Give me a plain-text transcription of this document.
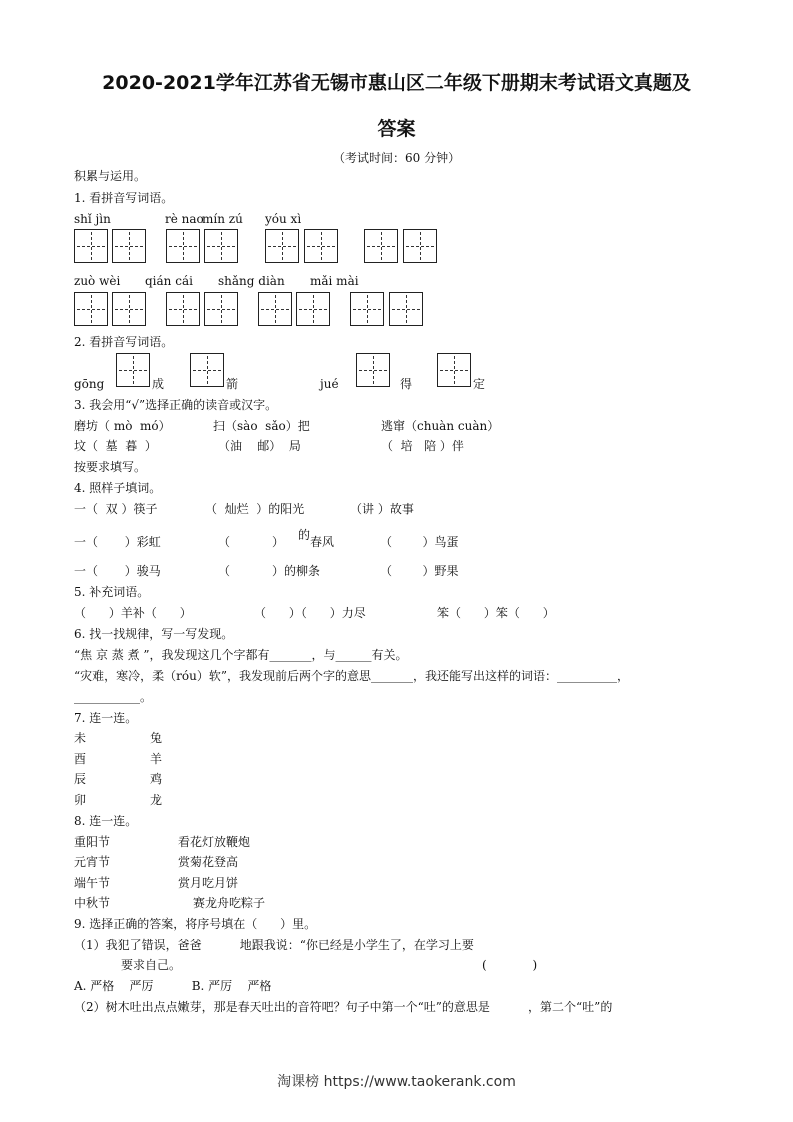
2020-2021学年江苏省无锡市惠山区二年级下册期末考试语文真题及
答案
（考试时间：60 分钟）
积累与运用。
1. 看拼音写词语。
shǐ jìn	rè nao
mín zú yóu xì
zuò wèi qián cái shǎng diàn mǎi mài
2. 看拼音写词语。
gōng	成	箭	jué	得	定
3. 我会用“√”选择正确的读音或汉字。
磨坊（ mò  mó）	扫（sào  sǎo）把	逃窜（chuàn cuàn）
坟（  墓  暮  ）	（油    邮）  局	（  培   陪 ）伴
按要求填写。
4. 照样子填词。
一（  双 ）筷子	（  灿烂  ）的阳光	（讲 ）故事
一（       ）彩虹	（           ） 的 春风	（        ）鸟蛋
一（       ）骏马	（           ）的柳条	（        ）野果
5. 补充词语。
（      ）羊补（      ）	（      ）（      ）力尽	笨（      ）笨（      ）
6. 找一找规律，写一写发现。
“焦 京 蒸 煮 ”，我发现这几个字都有_______，与______有关。
“灾难，寒冷，柔（róu）软”，我发现前后两个字的意思_______，我还能写出这样的词语：__________，
___________。
7. 连一连。
未	兔
酉	羊
辰	鸡
卯	龙
8. 连一连。
重阳节	看花灯放鞭炮
元宵节	赏菊花登高
端午节	赏月吃月饼
中秋节	赛龙舟吃粽子
9. 选择正确的答案，将序号填在（      ）里。
（1）我犯了错误，爸爸          地跟我说：“你已经是小学生了，在学习上要
要求自己。	(            )
A. 严格    严厉          B. 严厉    严格
（2）树木吐出点点嫩芽，那是春天吐出的音符吧？句子中第一个“吐”的意思是          ，第二个“吐”的
淘课榜 https://www.taokerank.com
